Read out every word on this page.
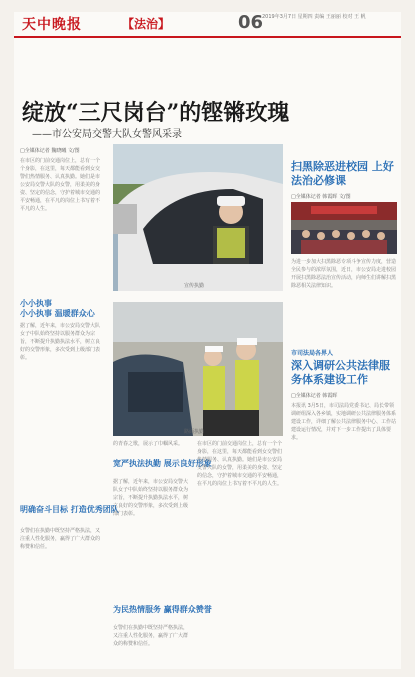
天中晚报	【法治】	06
2019年3月7日 星期四 责编 王丽丽 校对 王 帆
绽放“三尺岗台”的铿锵玫瑰
——市公安局交警大队女警风采录
□全媒体记者 魏晓曦 文/图
在市区的门前交通岗位上，总有一个个身影，在这里，每天都能看到女交警们热情服务、认真执勤。她们是市公安局交警大队的女警，用柔美的身姿、坚定的信念，守护着城市交通的平安畅通，在平凡的岗位上书写着不平凡的人生。
小小执事
小小执事 温暖群众心
据了解，近年来，市公安局交警大队女子中队始终坚持以服务群众为宗旨，不断提升执勤执法水平，树立良好的交警形象，多次受到上级部门表彰。
明确奋斗目标 打造优秀团队
女警们在执勤中既坚持严格执法，又注重人性化服务，赢得了广大群众的称赞和信任。
宣传执勤
路面执勤
的青春之歌，展示了巾帼风采。
宽严执法执勤 展示良好形象
据了解，近年来，市公安局交警大队女子中队始终坚持以服务群众为宗旨，不断提升执勤执法水平，树立良好的交警形象，多次受到上级部门表彰。
为民热情服务 赢得群众赞誉
女警们在执勤中既坚持严格执法，又注重人性化服务，赢得了广大群众的称赞和信任。
在市区的门前交通岗位上，总有一个个身影，在这里，每天都能看到女交警们热情服务、认真执勤。她们是市公安局交警大队的女警，用柔美的身姿、坚定的信念，守护着城市交通的平安畅通，在平凡的岗位上书写着不平凡的人生。
扫黑除恶进校园 上好法治必修课
□全媒体记者 韩霞晖 文/图
为进一步加大扫黑除恶专项斗争宣传力度，营造全民参与的浓厚氛围，近日，市公安局走进校园开展扫黑除恶法治宣传活动，向师生们讲解扫黑除恶相关法律知识。
市司法局各界人
深入调研公共法律服务体系建设工作
□全媒体记者 韩霞晖
本报讯 3月5日，市司法局党委书记、局长带领调研组深入各乡镇，实地调研公共法律服务体系建设工作，详细了解公共法律服务中心、工作站建设运行情况，并对下一步工作提出了具体要求。
